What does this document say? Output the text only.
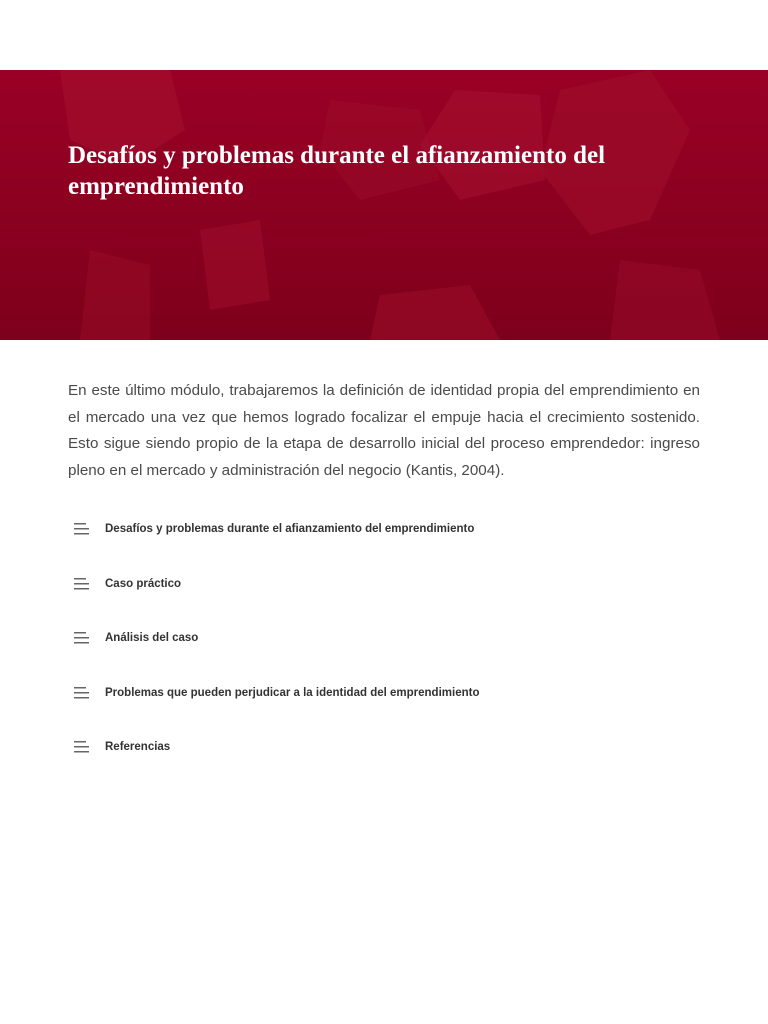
Desafíos y problemas durante el afianzamiento del emprendimiento

En este último módulo, trabajaremos la definición de identidad propia del emprendimiento en el mercado una vez que hemos logrado focalizar el empuje hacia el crecimiento sostenido. Esto sigue siendo propio de la etapa de desarrollo inicial del proceso emprendedor: ingreso pleno en el mercado y administración del negocio (Kantis, 2004).

Desafíos y problemas durante el afianzamiento del emprendimiento
Caso práctico
Análisis del caso
Problemas que pueden perjudicar a la identidad del emprendimiento
Referencias
